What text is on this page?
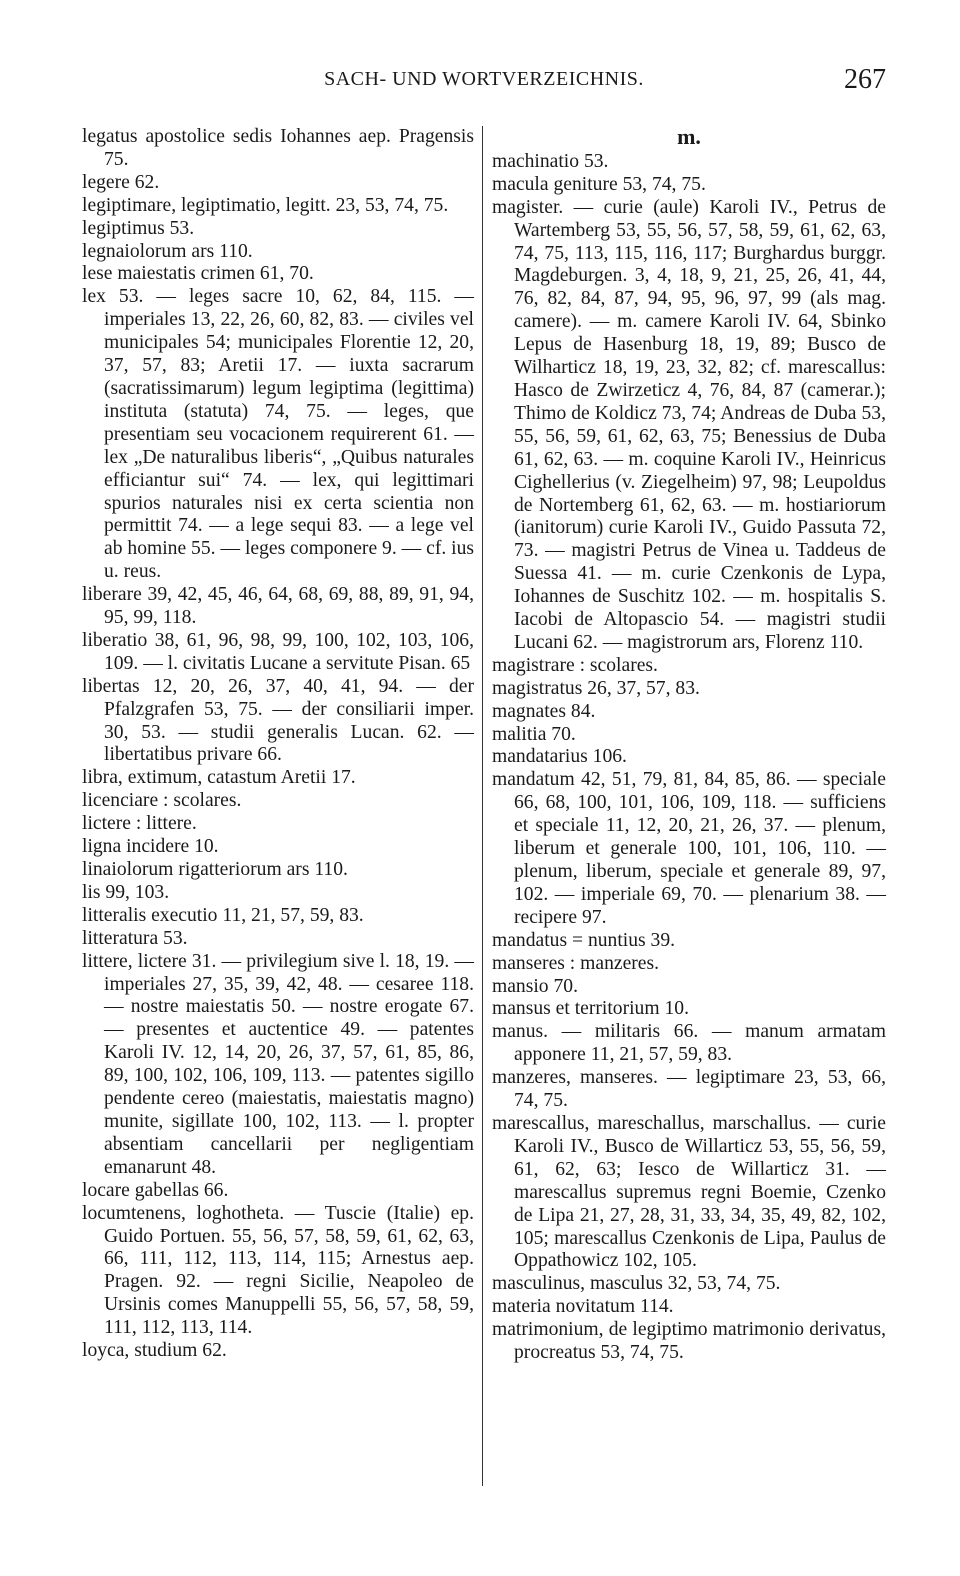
SACH- UND WORTVERZEICHNIS.	267
legatus apostolice sedis Iohannes aep. Pragensis 75.
legere 62.
legiptimare, legiptimatio, legitt. 23, 53, 74, 75.
legiptimus 53.
legnaiolorum ars 110.
lese maiestatis crimen 61, 70.
lex 53. — leges sacre 10, 62, 84, 115. — imperiales 13, 22, 26, 60, 82, 83. — civiles vel municipales 54; municipales Florentie 12, 20, 37, 57, 83; Aretii 17. — iuxta sacrarum (sacratissimarum) legum legiptima (legittima) instituta (statuta) 74, 75. — leges, que presentiam seu vocacionem requirerent 61. — lex „De naturalibus liberis“, „Quibus naturales efficiantur sui“ 74. — lex, qui legittimari spurios naturales nisi ex certa scientia non permittit 74. — a lege sequi 83. — a lege vel ab homine 55. — leges componere 9. — cf. ius u. reus.
liberare 39, 42, 45, 46, 64, 68, 69, 88, 89, 91, 94, 95, 99, 118.
liberatio 38, 61, 96, 98, 99, 100, 102, 103, 106, 109. — l. civitatis Lucane a servitute Pisan. 65
libertas 12, 20, 26, 37, 40, 41, 94. — der Pfalzgrafen 53, 75. — der consiliarii imper. 30, 53. — studii generalis Lucan. 62. — libertatibus privare 66.
libra, extimum, catastum Aretii 17.
licenciare : scolares.
lictere : littere.
ligna incidere 10.
linaiolorum rigatteriorum ars 110.
lis 99, 103.
litteralis executio 11, 21, 57, 59, 83.
litteratura 53.
littere, lictere 31. — privilegium sive l. 18, 19. — imperiales 27, 35, 39, 42, 48. — cesaree 118. — nostre maiestatis 50. — nostre erogate 67. — presentes et auctentice 49. — patentes Karoli IV. 12, 14, 20, 26, 37, 57, 61, 85, 86, 89, 100, 102, 106, 109, 113. — patentes sigillo pendente cereo (maiestatis, maiestatis magno) munite, sigillate 100, 102, 113. — l. propter absentiam cancellarii per negligentiam emanarunt 48.
locare gabellas 66.
locumtenens, loghotheta. — Tuscie (Italie) ep. Guido Portuen. 55, 56, 57, 58, 59, 61, 62, 63, 66, 111, 112, 113, 114, 115; Arnestus aep. Pragen. 92. — regni Sicilie, Neapoleo de Ursinis comes Manuppelli 55, 56, 57, 58, 59, 111, 112, 113, 114.
loyca, studium 62.
m.
machinatio 53.
macula geniture 53, 74, 75.
magister. — curie (aule) Karoli IV., Petrus de Wartemberg 53, 55, 56, 57, 58, 59, 61, 62, 63, 74, 75, 113, 115, 116, 117; Burghardus burggr. Magdeburgen. 3, 4, 18, 9, 21, 25, 26, 41, 44, 76, 82, 84, 87, 94, 95, 96, 97, 99 (als mag. camere). — m. camere Karoli IV. 64, Sbinko Lepus de Hasenburg 18, 19, 89; Busco de Wilharticz 18, 19, 23, 32, 82; cf. marescallus: Hasco de Zwirzeticz 4, 76, 84, 87 (camerar.); Thimo de Koldicz 73, 74; Andreas de Duba 53, 55, 56, 59, 61, 62, 63, 75; Benessius de Duba 61, 62, 63. — m. coquine Karoli IV., Heinricus Cighellerius (v. Ziegelheim) 97, 98; Leupoldus de Nortemberg 61, 62, 63. — m. hostiariorum (ianitorum) curie Karoli IV., Guido Passuta 72, 73. — magistri Petrus de Vinea u. Taddeus de Suessa 41. — m. curie Czenkonis de Lypa, Iohannes de Suschitz 102. — m. hospitalis S. Iacobi de Altopascio 54. — magistri studii Lucani 62. — magistrorum ars, Florenz 110.
magistrare : scolares.
magistratus 26, 37, 57, 83.
magnates 84.
malitia 70.
mandatarius 106.
mandatum 42, 51, 79, 81, 84, 85, 86. — speciale 66, 68, 100, 101, 106, 109, 118. — sufficiens et speciale 11, 12, 20, 21, 26, 37. — plenum, liberum et generale 100, 101, 106, 110. — plenum, liberum, speciale et generale 89, 97, 102. — imperiale 69, 70. — plenarium 38. — recipere 97.
mandatus = nuntius 39.
manseres : manzeres.
mansio 70.
mansus et territorium 10.
manus. — militaris 66. — manum armatam apponere 11, 21, 57, 59, 83.
manzeres, manseres. — legiptimare 23, 53, 66, 74, 75.
marescallus, mareschallus, marschallus. — curie Karoli IV., Busco de Willarticz 53, 55, 56, 59, 61, 62, 63; Iesco de Willarticz 31. — marescallus supremus regni Boemie, Czenko de Lipa 21, 27, 28, 31, 33, 34, 35, 49, 82, 102, 105; marescallus Czenkonis de Lipa, Paulus de Oppathowicz 102, 105.
masculinus, masculus 32, 53, 74, 75.
materia novitatum 114.
matrimonium, de legiptimo matrimonio derivatus, procreatus 53, 74, 75.
